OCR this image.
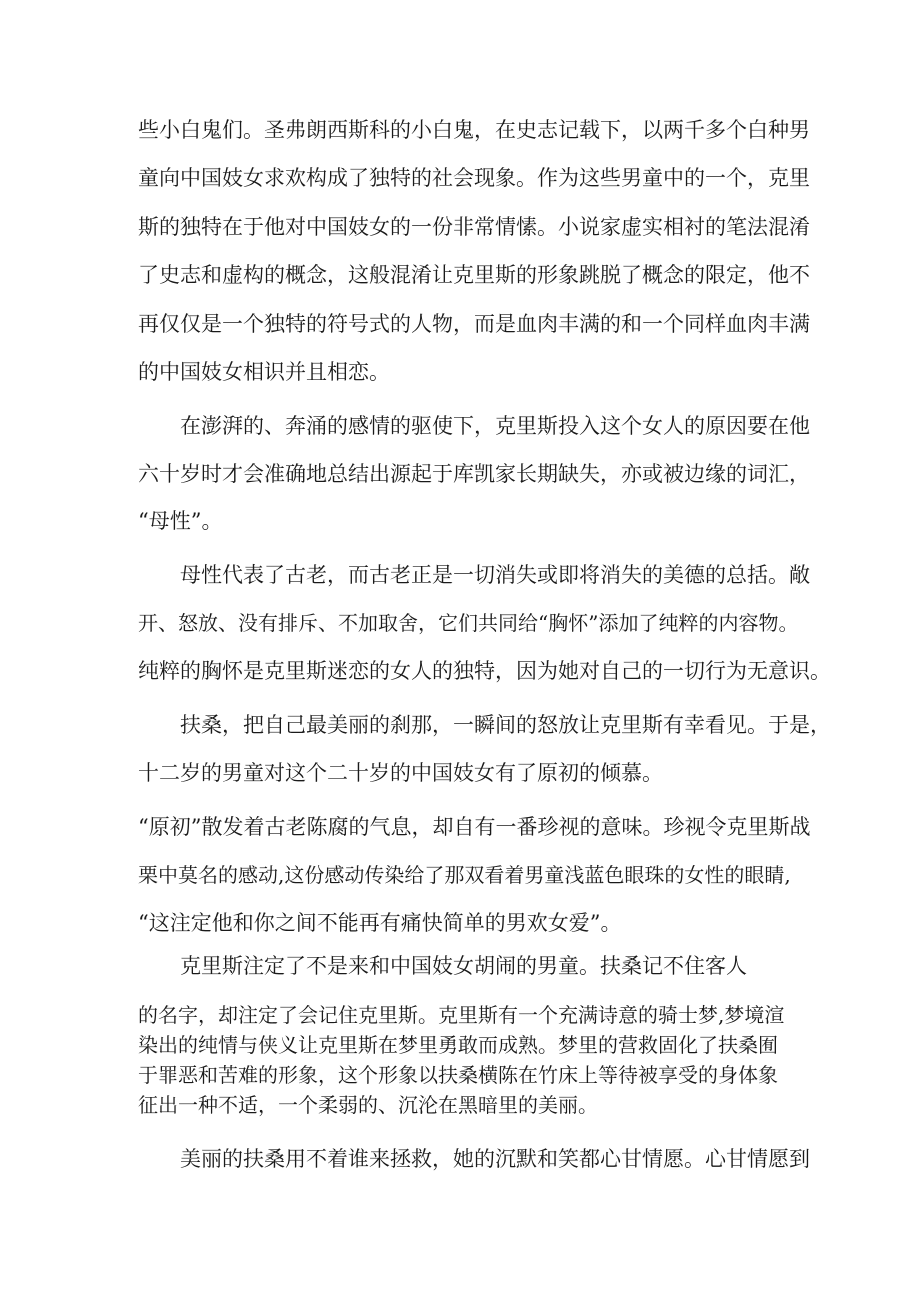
些小白鬼们。圣弗朗西斯科的小白鬼，在史志记载下，以两千多个白种男
童向中国妓女求欢构成了独特的社会现象。作为这些男童中的一个，克里
斯的独特在于他对中国妓女的一份非常情愫。小说家虚实相衬的笔法混淆
了史志和虚构的概念，这般混淆让克里斯的形象跳脱了概念的限定，他不
再仅仅是一个独特的符号式的人物，而是血肉丰满的和一个同样血肉丰满
的中国妓女相识并且相恋。
　　在澎湃的、奔涌的感情的驱使下，克里斯投入这个女人的原因要在他
六十岁时才会准确地总结出源起于库凯家长期缺失，亦或被边缘的词汇，
“母性”。
　　母性代表了古老，而古老正是一切消失或即将消失的美德的总括。敞
开、怒放、没有排斥、不加取舍，它们共同给“胸怀”添加了纯粹的内容物。
纯粹的胸怀是克里斯迷恋的女人的独特，因为她对自己的一切行为无意识。
　　扶桑，把自己最美丽的刹那，一瞬间的怒放让克里斯有幸看见。于是，
十二岁的男童对这个二十岁的中国妓女有了原初的倾慕。
“原初”散发着古老陈腐的气息，却自有一番珍视的意味。珍视令克里斯战
栗中莫名的感动,这份感动传染给了那双看着男童浅蓝色眼珠的女性的眼睛,
“这注定他和你之间不能再有痛快简单的男欢女爱”。
　　克里斯注定了不是来和中国妓女胡闹的男童。扶桑记不住客人
的名字，却注定了会记住克里斯。克里斯有一个充满诗意的骑士梦,梦境渲
染出的纯情与侠义让克里斯在梦里勇敢而成熟。梦里的营救固化了扶桑囿
于罪恶和苦难的形象，这个形象以扶桑横陈在竹床上等待被享受的身体象
征出一种不适，一个柔弱的、沉沦在黑暗里的美丽。
　　美丽的扶桑用不着谁来拯救，她的沉默和笑都心甘情愿。心甘情愿到
